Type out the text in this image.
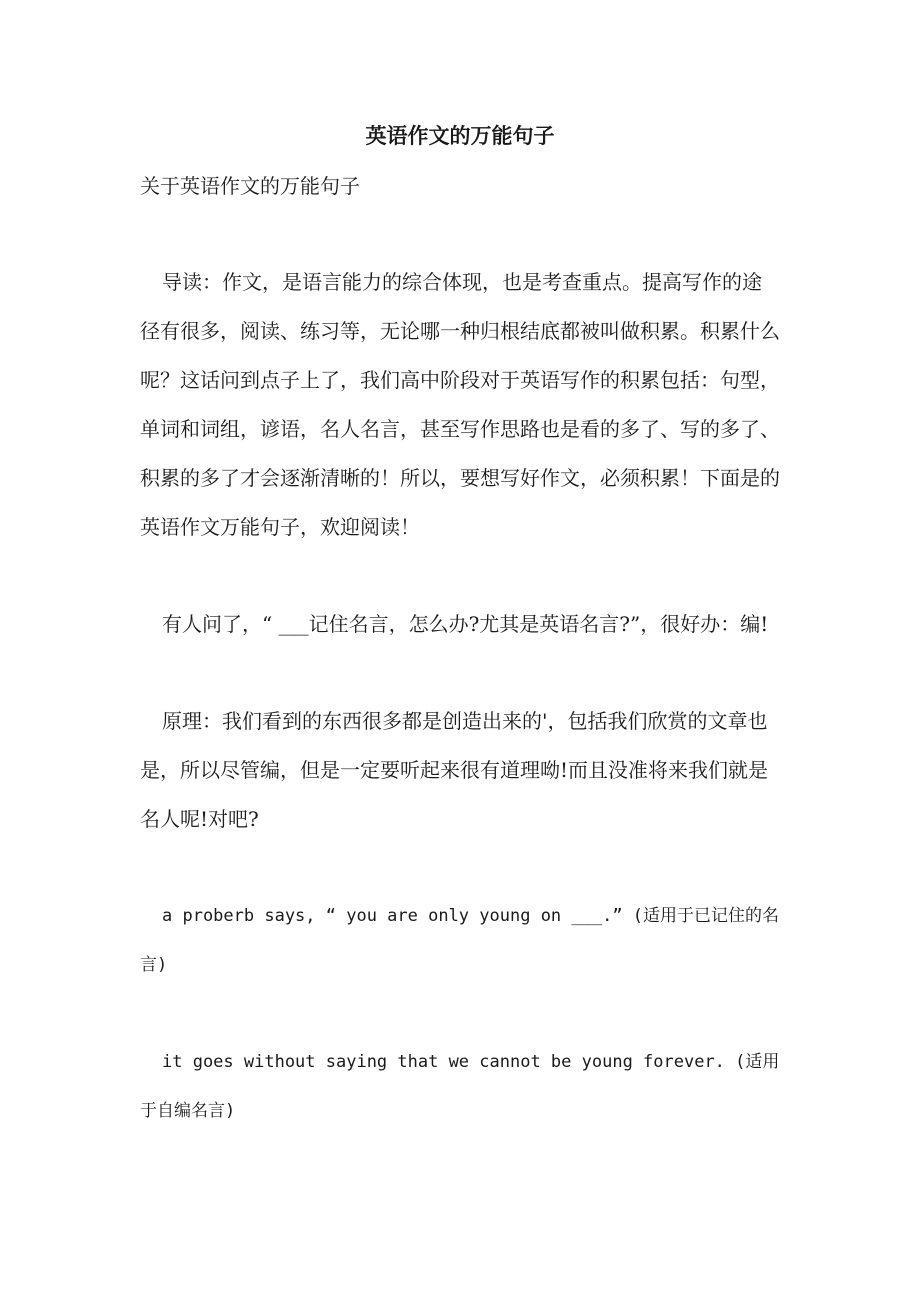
英语作文的万能句子

关于英语作文的万能句子

导读：作文，是语言能力的综合体现，也是考查重点。提高写作的途径有很多，阅读、练习等，无论哪一种归根结底都被叫做积累。积累什么呢？这话问到点子上了，我们高中阶段对于英语写作的积累包括：句型，单词和词组，谚语，名人名言，甚至写作思路也是看的多了、写的多了、积累的多了才会逐渐清晰的！所以，要想写好作文，必须积累！下面是的英语作文万能句子，欢迎阅读！

有人问了，“ ___记住名言，怎么办?尤其是英语名言?”，很好办：编!

原理：我们看到的东西很多都是创造出来的'，包括我们欣赏的文章也是，所以尽管编，但是一定要听起来很有道理呦!而且没准将来我们就是名人呢!对吧?

a proberb says, “ you are only young on ___.” (适用于已记住的名言)

it goes without saying that we cannot be young forever. (适用于自编名言)
